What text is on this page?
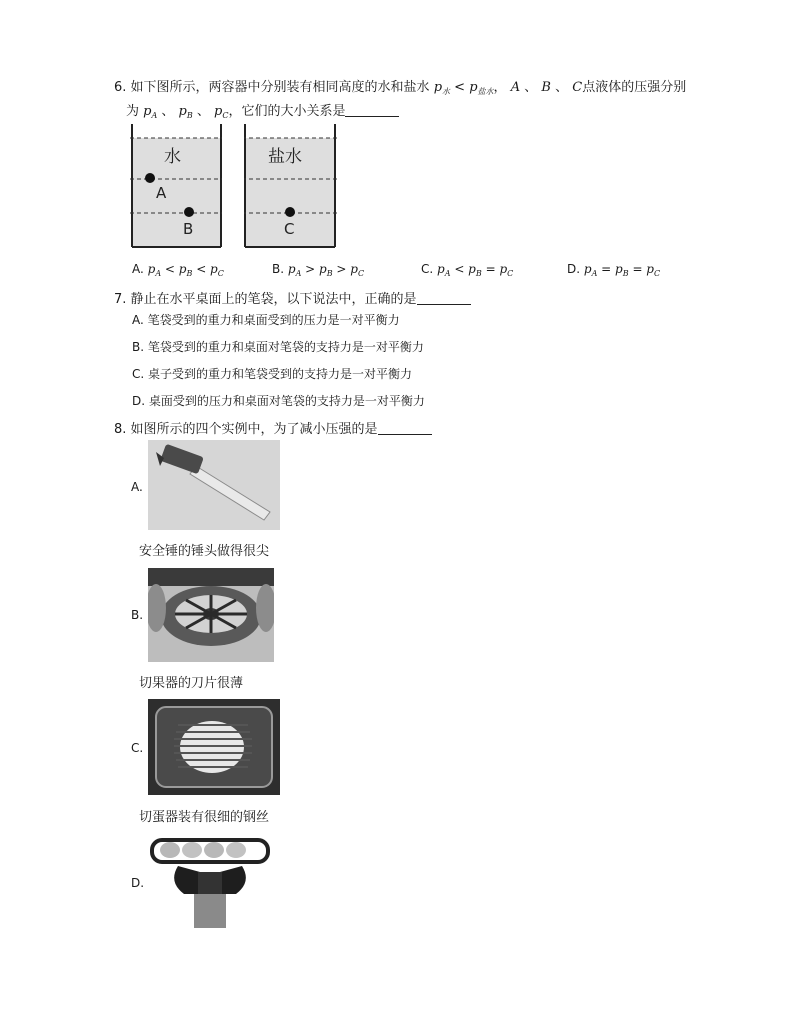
6. 如下图所示，两容器中分别装有相同高度的水和盐水 $p_水 < p_{盐水}$， A 、 B 、 C点液体的压强分别
为 $p_A$ 、 $p_B$ 、 $p_C$，它们的大小关系是
水	盐水
A
B	C
A. $p_A < p_B < p_C$	B. $p_A > p_B > p_C$	C. $p_A < p_B = p_C$	D. $p_A = p_B = p_C$
7. 静止在水平桌面上的笔袋，以下说法中，正确的是
A. 笔袋受到的重力和桌面受到的压力是一对平衡力
B. 笔袋受到的重力和桌面对笔袋的支持力是一对平衡力
C. 桌子受到的重力和笔袋受到的支持力是一对平衡力
D. 桌面受到的压力和桌面对笔袋的支持力是一对平衡力
8. 如图所示的四个实例中，为了减小压强的是
A.
安全锤的锤头做得很尖
B.
切果器的刀片很薄
C.
切蛋器装有很细的钢丝
D.
